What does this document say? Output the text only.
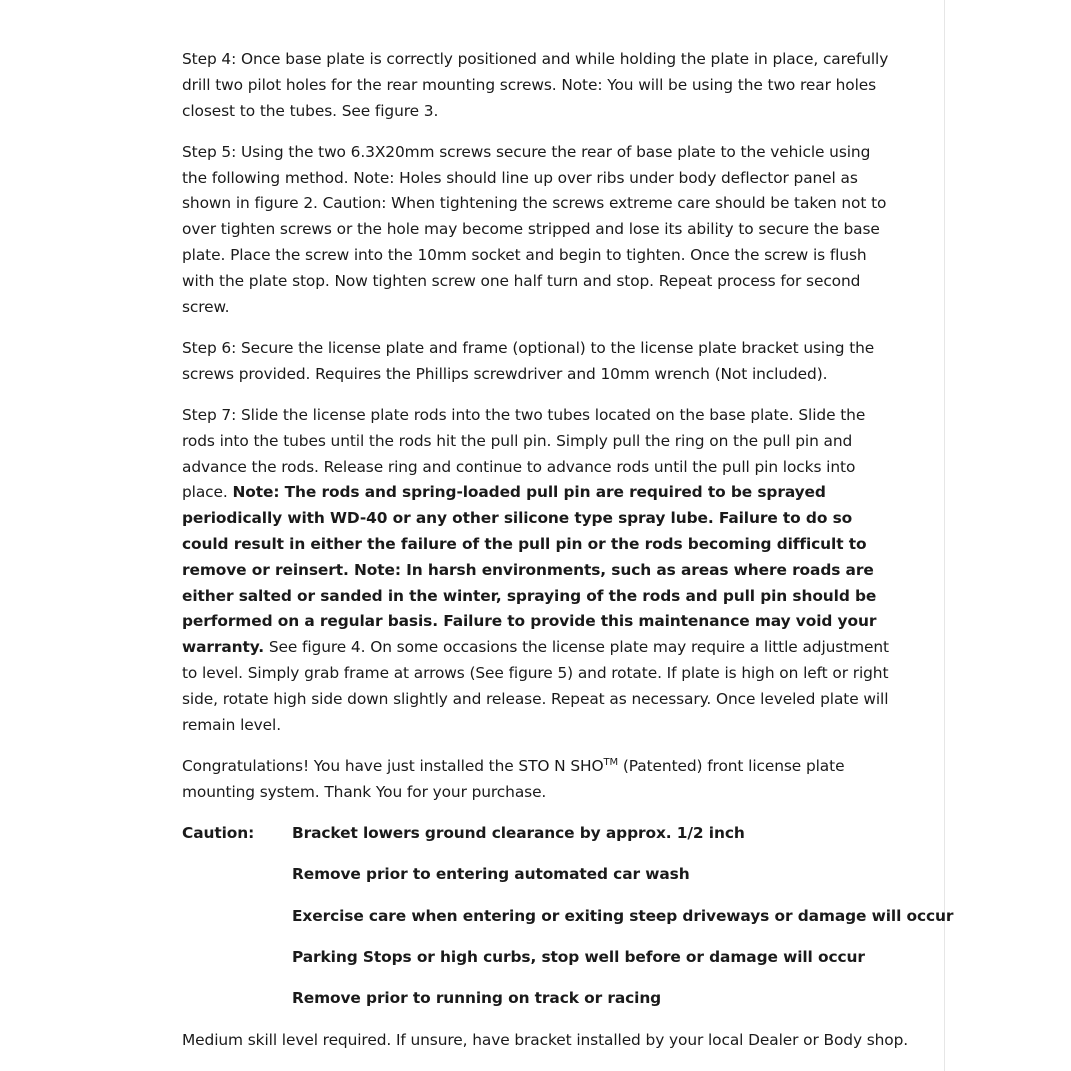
Step 4: Once base plate is correctly positioned and while holding the plate in place, carefully drill two pilot holes for the rear mounting screws. Note: You will be using the two rear holes closest to the tubes. See figure 3.

Step 5: Using the two 6.3X20mm screws secure the rear of base plate to the vehicle using the following method. Note: Holes should line up over ribs under body deflector panel as shown in figure 2. Caution: When tightening the screws extreme care should be taken not to over tighten screws or the hole may become stripped and lose its ability to secure the base plate. Place the screw into the 10mm socket and begin to tighten. Once the screw is flush with the plate stop. Now tighten screw one half turn and stop. Repeat process for second screw.

Step 6: Secure the license plate and frame (optional) to the license plate bracket using the screws provided. Requires the Phillips screwdriver and 10mm wrench (Not included).

Step 7: Slide the license plate rods into the two tubes located on the base plate. Slide the rods into the tubes until the rods hit the pull pin. Simply pull the ring on the pull pin and advance the rods. Release ring and continue to advance rods until the pull pin locks into place. Note: The rods and spring-loaded pull pin are required to be sprayed periodically with WD-40 or any other silicone type spray lube. Failure to do so could result in either the failure of the pull pin or the rods becoming difficult to remove or reinsert. Note: In harsh environments, such as areas where roads are either salted or sanded in the winter, spraying of the rods and pull pin should be performed on a regular basis. Failure to provide this maintenance may void your warranty. See figure 4. On some occasions the license plate may require a little adjustment to level. Simply grab frame at arrows (See figure 5) and rotate. If plate is high on left or right side, rotate high side down slightly and release. Repeat as necessary. Once leveled plate will remain level.

Congratulations! You have just installed the STO N SHO™ (Patented) front license plate mounting system. Thank You for your purchase.

Caution:	Bracket lowers ground clearance by approx. 1/2 inch
Remove prior to entering automated car wash
Exercise care when entering or exiting steep driveways or damage will occur
Parking Stops or high curbs, stop well before or damage will occur
Remove prior to running on track or racing

Medium skill level required. If unsure, have bracket installed by your local Dealer or Body shop.
